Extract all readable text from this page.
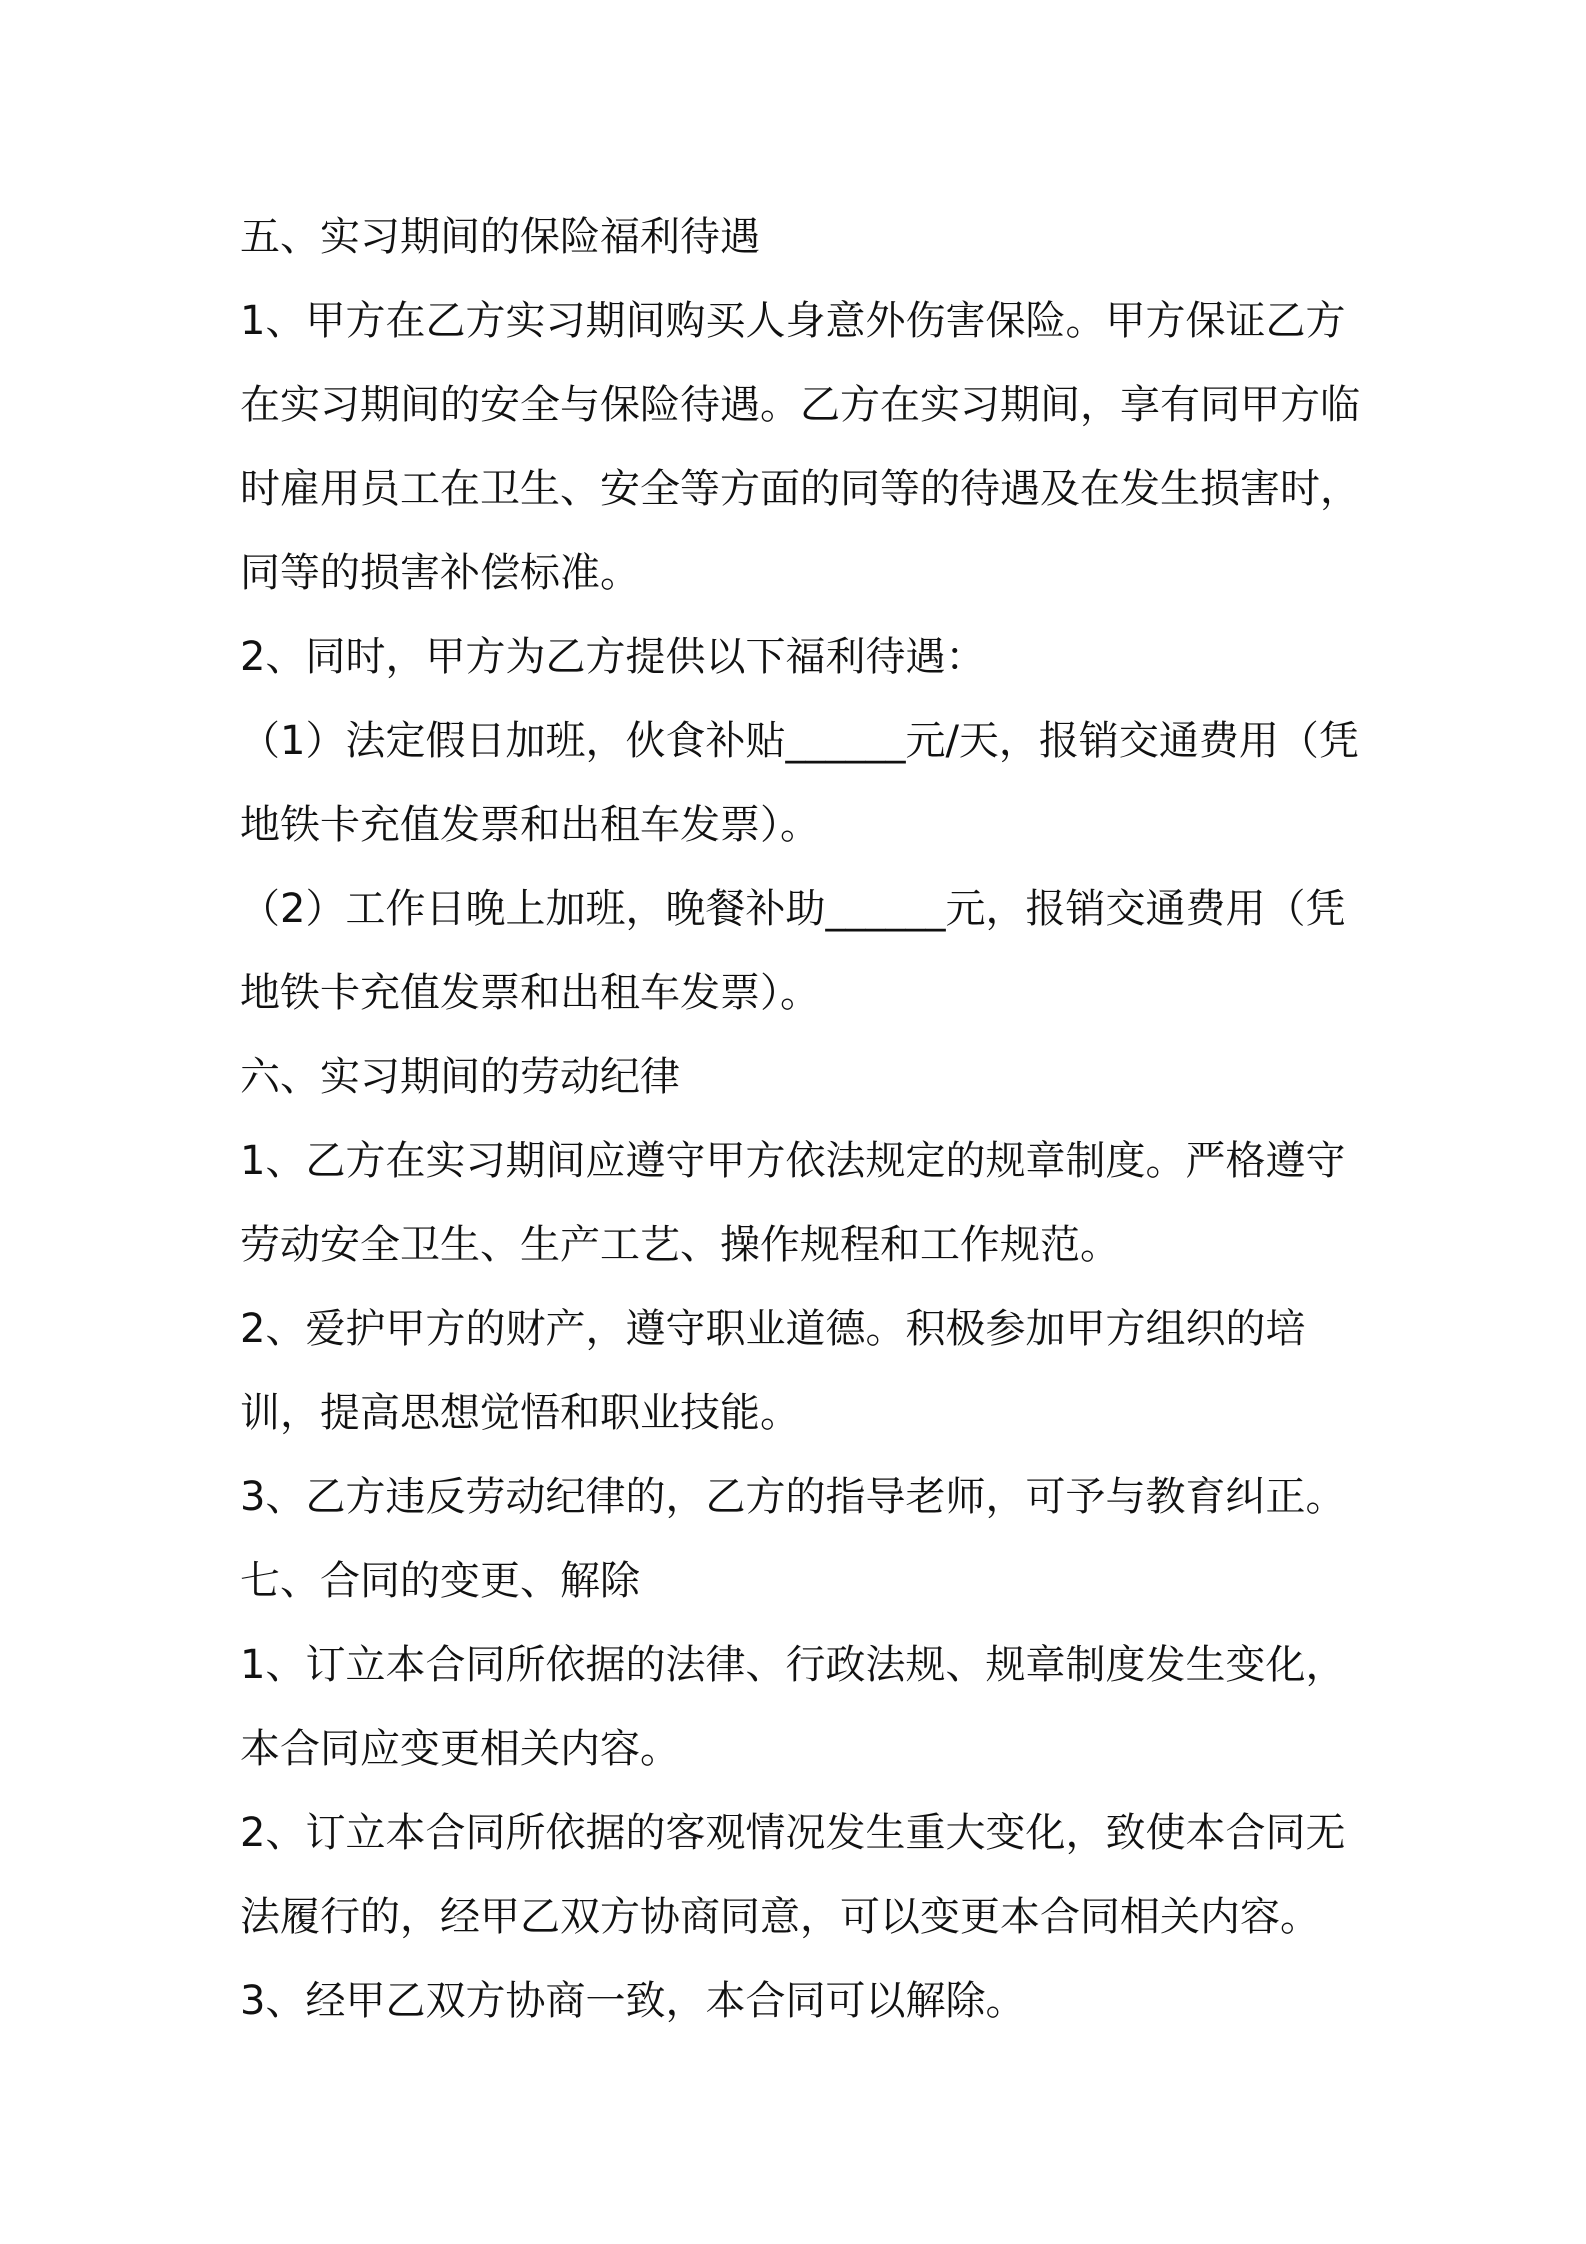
五、实习期间的保险福利待遇

1、甲方在乙方实习期间购买人身意外伤害保险。甲方保证乙方在实习期间的安全与保险待遇。乙方在实习期间，享有同甲方临时雇用员工在卫生、安全等方面的同等的待遇及在发生损害时，同等的损害补偿标准。

2、同时，甲方为乙方提供以下福利待遇：

（1）法定假日加班，伙食补贴______元/天，报销交通费用（凭地铁卡充值发票和出租车发票）。

（2）工作日晚上加班，晚餐补助______元，报销交通费用（凭地铁卡充值发票和出租车发票）。

六、实习期间的劳动纪律

1、乙方在实习期间应遵守甲方依法规定的规章制度。严格遵守劳动安全卫生、生产工艺、操作规程和工作规范。

2、爱护甲方的财产，遵守职业道德。积极参加甲方组织的培训，提高思想觉悟和职业技能。

3、乙方违反劳动纪律的，乙方的指导老师，可予与教育纠正。

七、合同的变更、解除

1、订立本合同所依据的法律、行政法规、规章制度发生变化，本合同应变更相关内容。

2、订立本合同所依据的客观情况发生重大变化，致使本合同无法履行的，经甲乙双方协商同意，可以变更本合同相关内容。

3、经甲乙双方协商一致，本合同可以解除。
